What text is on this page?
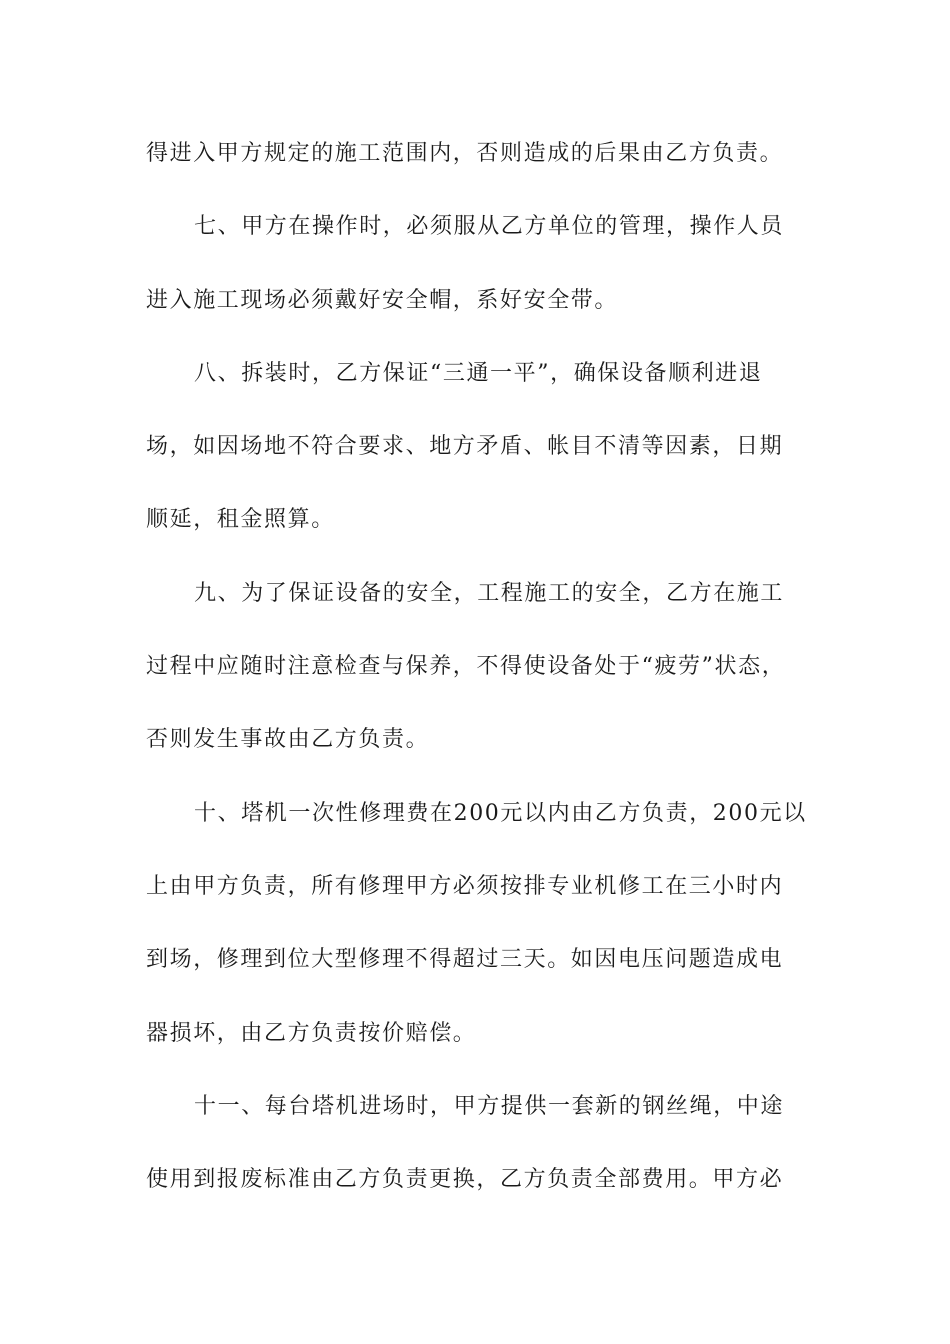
得进入甲方规定的施工范围内，否则造成的后果由乙方负责。
七、甲方在操作时，必须服从乙方单位的管理，操作人员
进入施工现场必须戴好安全帽，系好安全带。
八、拆装时，乙方保证“三通一平”，确保设备顺利进退
场，如因场地不符合要求、地方矛盾、帐目不清等因素，日期
顺延，租金照算。
九、为了保证设备的安全，工程施工的安全，乙方在施工
过程中应随时注意检查与保养，不得使设备处于“疲劳”状态，
否则发生事故由乙方负责。
十、塔机一次性修理费在200元以内由乙方负责，200元以
上由甲方负责，所有修理甲方必须按排专业机修工在三小时内
到场，修理到位大型修理不得超过三天。如因电压问题造成电
器损坏，由乙方负责按价赔偿。
十一、每台塔机进场时，甲方提供一套新的钢丝绳，中途
使用到报废标准由乙方负责更换，乙方负责全部费用。甲方必
